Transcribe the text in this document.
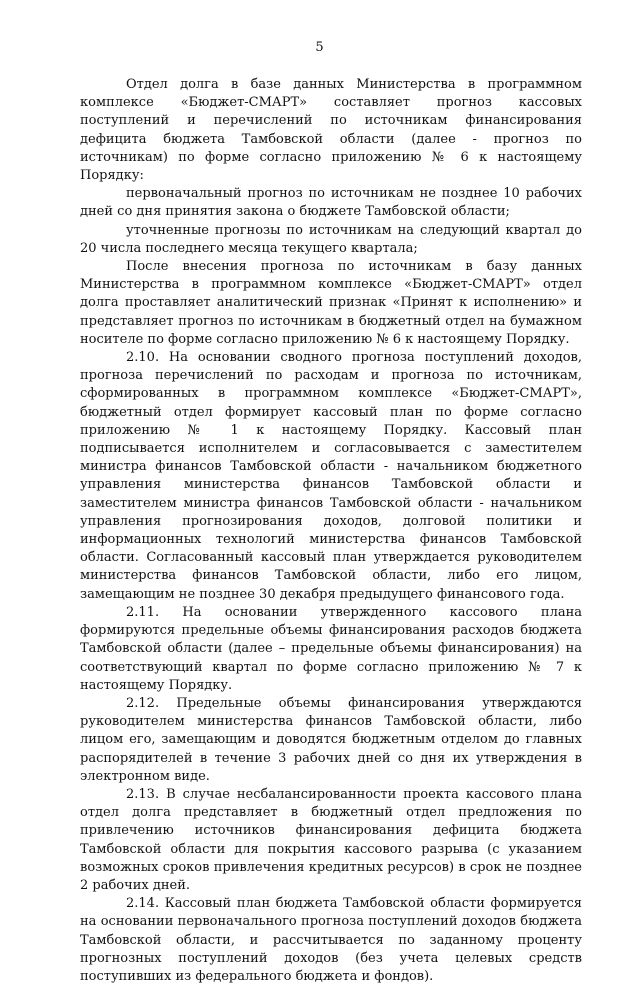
5

Отдел долга в базе данных Министерства в программном комплексе «Бюджет-СМАРТ» составляет прогноз кассовых поступлений и перечислений по источникам финансирования дефицита бюджета Тамбовской области (далее - прогноз по источникам) по форме согласно приложению № 6 к настоящему Порядку:

первоначальный прогноз по источникам не позднее 10 рабочих дней со дня принятия закона о бюджете Тамбовской области;

уточненные прогнозы по источникам на следующий квартал до 20 числа последнего месяца текущего квартала;

После внесения прогноза по источникам в базу данных Министерства в программном комплексе «Бюджет-СМАРТ» отдел долга проставляет аналитический признак «Принят к исполнению» и представляет прогноз по источникам в бюджетный отдел на бумажном носителе по форме согласно приложению № 6 к настоящему Порядку.

2.10. На основании сводного прогноза поступлений доходов, прогноза перечислений по расходам и прогноза по источникам, сформированных в программном комплексе «Бюджет-СМАРТ», бюджетный отдел формирует кассовый план по форме согласно приложению № 1 к настоящему Порядку. Кассовый план подписывается исполнителем и согласовывается с заместителем министра финансов Тамбовской области - начальником бюджетного управления министерства финансов Тамбовской области и заместителем министра финансов Тамбовской области - начальником управления прогнозирования доходов, долговой политики и информационных технологий министерства финансов Тамбовской области. Согласованный кассовый план утверждается руководителем министерства финансов Тамбовской области, либо его лицом, замещающим не позднее 30 декабря предыдущего финансового года.

2.11. На основании утвержденного кассового плана формируются предельные объемы финансирования расходов бюджета Тамбовской области (далее – предельные объемы финансирования) на соответствующий квартал по форме согласно приложению № 7 к настоящему Порядку.

2.12. Предельные объемы финансирования утверждаются руководителем министерства финансов Тамбовской области, либо лицом его, замещающим и доводятся бюджетным отделом до главных распорядителей в течение 3 рабочих дней со дня их утверждения в электронном виде.

2.13. В случае несбалансированности проекта кассового плана отдел долга представляет в бюджетный отдел предложения по привлечению источников финансирования дефицита бюджета Тамбовской области для покрытия кассового разрыва (с указанием возможных сроков привлечения кредитных ресурсов) в срок не позднее 2 рабочих дней.

2.14. Кассовый план бюджета Тамбовской области формируется на основании первоначального прогноза поступлений доходов бюджета Тамбовской области, и рассчитывается по заданному проценту прогнозных поступлений доходов (без учета целевых средств поступивших из федерального бюджета и фондов).
